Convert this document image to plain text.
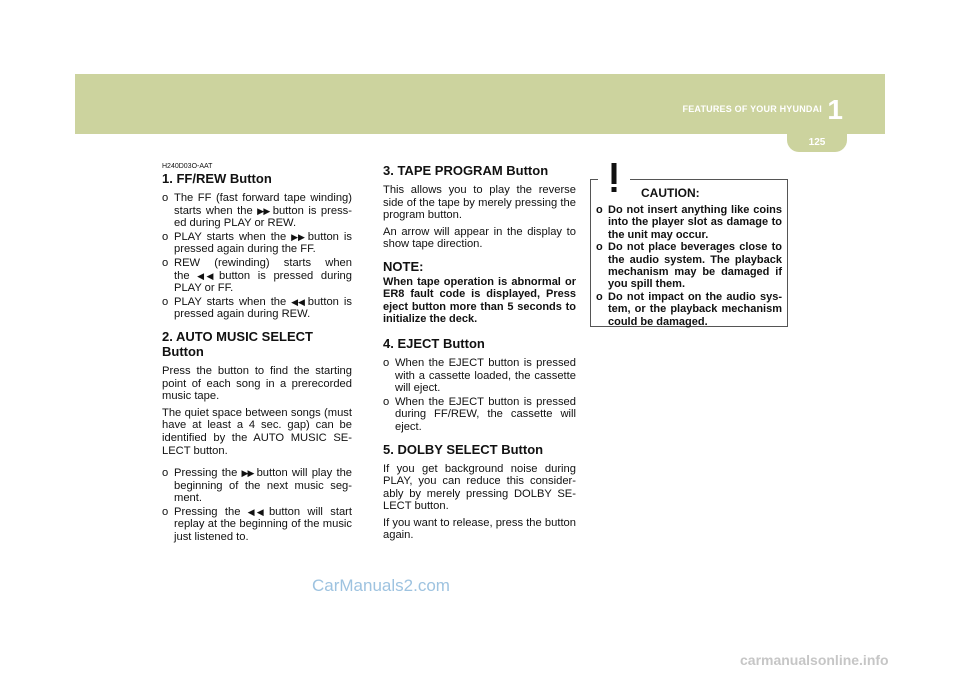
FEATURES OF YOUR HYUNDAI 1
125

H240D03O-AAT

1. FF/REW Button
o The FF (fast forward tape winding) starts when the ▶▶ button is press-ed during PLAY or REW.
o PLAY starts when the ▶▶ button is pressed again during the FF.
o REW (rewinding) starts when the ◀◀ button is pressed during PLAY or FF.
o PLAY starts when the ◀◀ button is pressed again during REW.
2. AUTO MUSIC SELECT Button

Press the button to find the starting point of each song in a prerecorded music tape.

The quiet space between songs (must have at least a 4 sec. gap) can be identified by the AUTO MUSIC SE-LECT button.

o Pressing the ▶▶ button will play the beginning of the next music seg-ment.
o Pressing the ◀◀ button will start replay at the beginning of the music just listened to.
3. TAPE PROGRAM Button

This allows you to play the reverse side of the tape by merely pressing the program button.

An arrow will appear in the display to show tape direction.

NOTE:
When tape operation is abnormal or ER8 fault code is displayed, Press eject button more than 5 seconds to initialize the deck.
4. EJECT Button
o When the EJECT button is pressed with a cassette loaded, the cassette will eject.
o When the EJECT button is pressed during FF/REW, the cassette will eject.
5. DOLBY SELECT Button

If you get background noise during PLAY, you can reduce this consider-ably by merely pressing DOLBY SE-LECT button.

If you want to release, press the button again.

CAUTION:
o Do not insert anything like coins into the player slot as damage to the unit may occur.
o Do not place beverages close to the audio system. The playback mechanism may be damaged if you spill them.
o Do not impact on the audio sys-tem, or the playback mechanism could be damaged.
CarManuals2.com
carmanualsonline.info
